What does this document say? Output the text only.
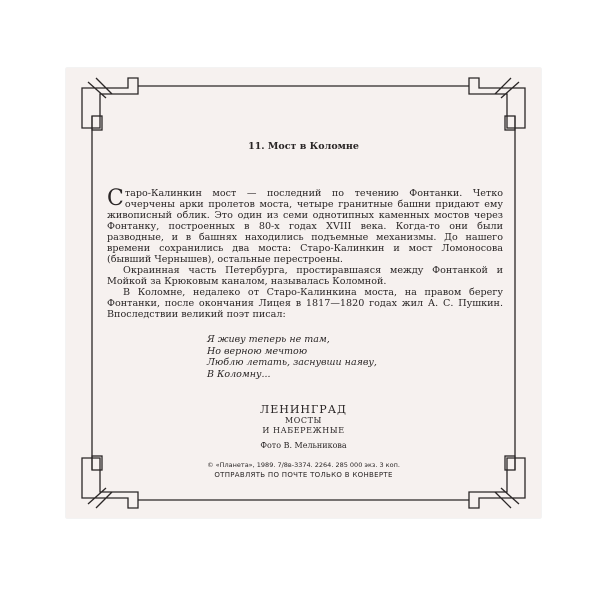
11. Мост в Коломне

Старо-Калинкин мост — последний по течению Фонтанки. Четко очерчены арки пролетов моста, четыре гранитные башни придают ему живописный облик. Это один из семи однотипных каменных мостов через Фонтанку, построенных в 80-х годах XVIII века. Когда-то они были разводные, и в башнях находились подъемные механизмы. До нашего времени сохранились два моста: Старо-Калинкин и мост Ломоносова (бывший Чернышев), остальные перестроены.

Окраинная часть Петербурга, простиравшаяся между Фонтанкой и Мойкой за Крюковым каналом, называлась Коломной.

В Коломне, недалеко от Старо-Калинкина моста, на правом берегу Фонтанки, после окончания Лицея в 1817—1820 годах жил А. С. Пушкин. Впоследствии великий поэт писал:

Я живу теперь не там,
Но верною мечтою
Люблю летать, заснувши наяву,
В Коломну...
ЛЕНИНГРАД
МОСТЫ
И НАБЕРЕЖНЫЕ
Фото В. Мельникова
© «Планета», 1989. 7/8в-3374. 2264. 285 000 экз. 3 коп.
ОТПРАВЛЯТЬ ПО ПОЧТЕ ТОЛЬКО В КОНВЕРТЕ
